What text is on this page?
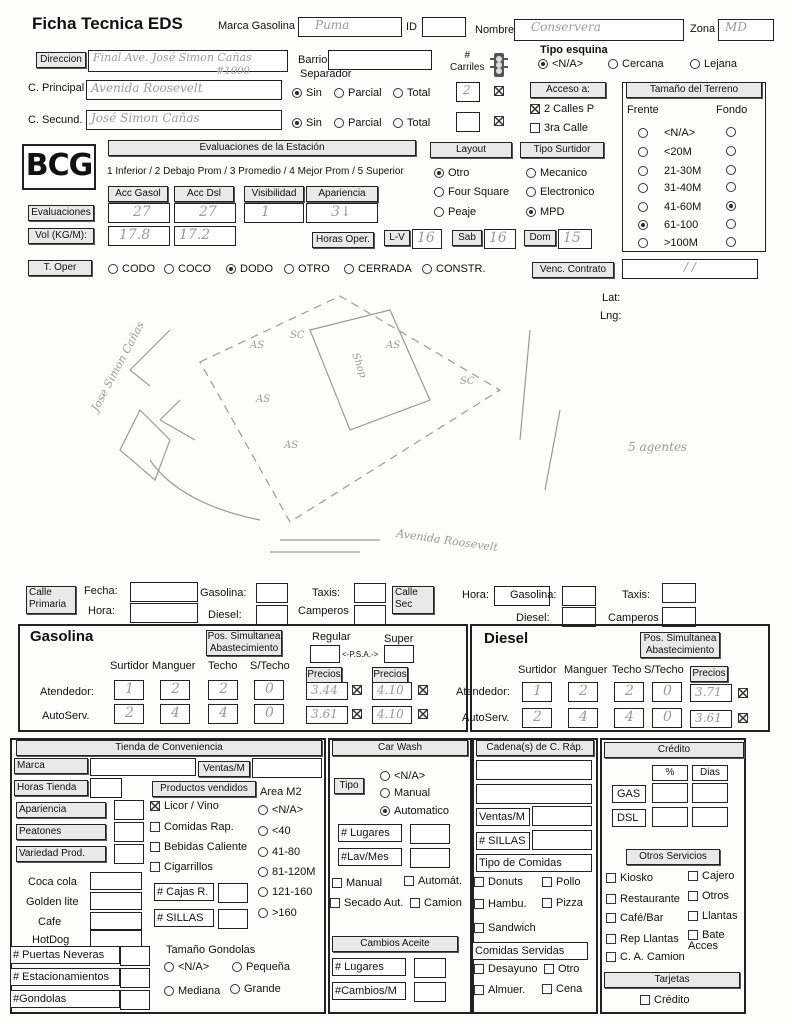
Ficha Tecnica EDS	Marca Gasolina	Puma	ID	Nombre	Conservera	Zona MD
Direccion	Final Ave. José Simon Cañas
#1000
Barrio
Separador
#
Carriles
Tipo esquina
<N/A>	Cercana	Lejana
C. Principal Avenida Roosevelt	Sin	Parcial	Total	2	Acceso a:
2 Calles P
3ra Calle
C. Secund. José Simon Cañas	Sin	Parcial	Total
Tamaño del Terreno
Frente	Fondo
<N/A>
<20M
21-30M
31-40M
41-60M
61-100
>100M
BCG
Evaluaciones de la Estación
1 Inferior / 2 Debajo Prom / 3 Promedio / 4 Mejor Prom / 5 Superior
Acc Gasol	Acc Dsl	Visibilidad	Apariencia
Evaluaciones	27	27	1	3↓
Vol (KG/M):	17.8	17.2
Layout
Otro
Four Square
Peaje
Tipo Surtidor
Mecanico
Electronico
MPD
Horas Oper.	L-V 16	Sab 16	Dom 15
T. Oper	CODO	COCO	DODO	OTRO	CERRADA	CONSTR.	Venc. Contrato	/ /
Lat:
Lng:
Jose Simon Cañas
Avenida Roosevelt
AS
SC
AS
AS
SC
Shop
AS
5 agentes
Calle Primaria
Fecha:
Hora:
Gasolina:
Diesel:
Taxis:
Camperos
Calle Sec
Hora: Gasolina:
Diesel:
Taxis:
Camperos
Gasolina	Pos. Simultanea Abastecimiento
Regular	Super
<-P.S.A.->
Surtidor Manguer Techo S/Techo
Precios	Precios
Atendedor:	1	2	2	0	3.44	4.10
AutoServ.	2	4	4	0	3.61	4.10
Diesel	Pos. Simultanea Abastecimiento
Surtidor Manguer Techo S/Techo Precios
Atendedor:	1	2	2	0	3.71
AutoServ.	2	4	4	0	3.61
Tienda de Conveniencia
Marca	Ventas/M
Horas Tienda	Productos vendidos	Area M2
Apariencia
Peatones
Variedad Prod.
Licor / Vino
Comidas Rap.
Bebidas Caliente
Cigarrillos
<N/A>
<40
41-80
81-120M
121-160
>160
Coca cola
Golden lite
Cafe
HotDog
# Cajas R.
# SILLAS
# Puertas Neveras
# Estacionamientos
#Gondolas
Tamaño Gondolas
<N/A>	Pequeña
Mediana	Grande
Car Wash
Tipo
<N/A>
Manual
Automatico
# Lugares
#Lav/Mes
Manual	Automát.
Secado Aut.	Camion
Cambios Aceite
# Lugares
#Cambios/M
Cadena(s) de C. Ráp.
Ventas/M
# SILLAS
Tipo de Comidas
Donuts	Pollo
Hambu.	Pizza
Sandwich
Comidas Servidas
Desayuno	Otro
Almuer.	Cena
Crédito
%	Dias
GAS
DSL
Otros Servicios
Kiosko	Cajero
Restaurante	Otros
Café/Bar	Llantas
Rep Llantas	Bate Acces
C. A. Camion
Tarjetas
Crédito
